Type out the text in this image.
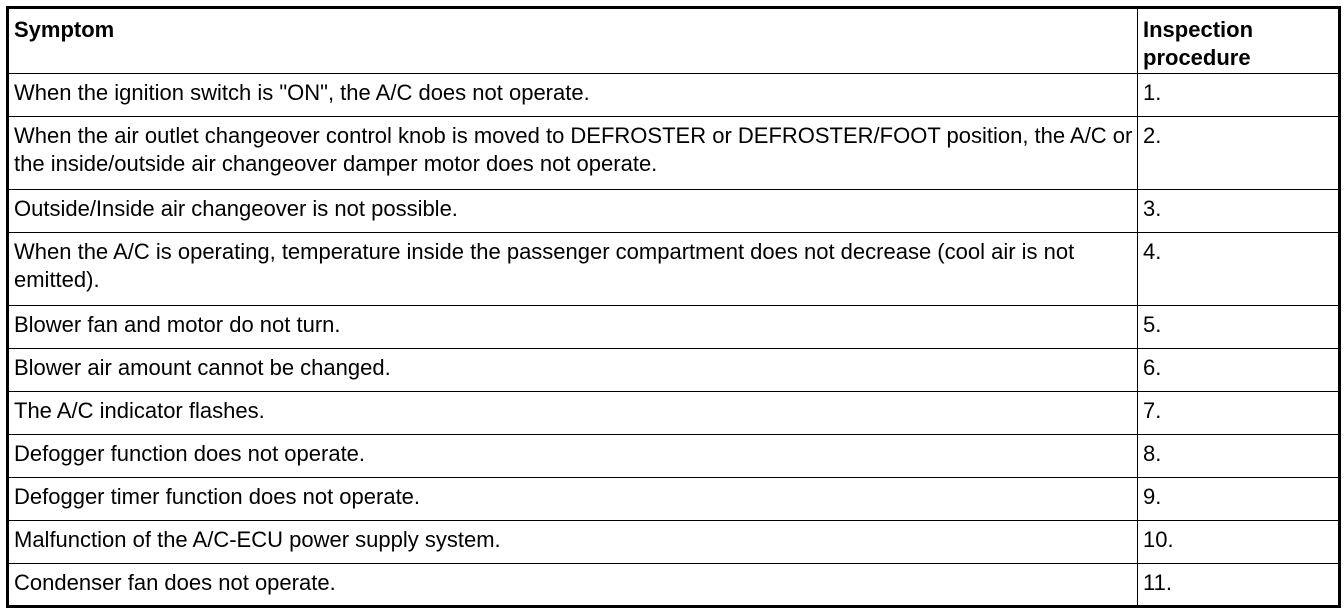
Symptom	Inspection procedure
When the ignition switch is "ON", the A/C does not operate.	1.
When the air outlet changeover control knob is moved to DEFROSTER or DEFROSTER/FOOT position, the A/C or the inside/outside air changeover damper motor does not operate.	2.
Outside/Inside air changeover is not possible.	3.
When the A/C is operating, temperature inside the passenger compartment does not decrease (cool air is not emitted).	4.
Blower fan and motor do not turn.	5.
Blower air amount cannot be changed.	6.
The A/C indicator flashes.	7.
Defogger function does not operate.	8.
Defogger timer function does not operate.	9.
Malfunction of the A/C-ECU power supply system.	10.
Condenser fan does not operate.	11.
